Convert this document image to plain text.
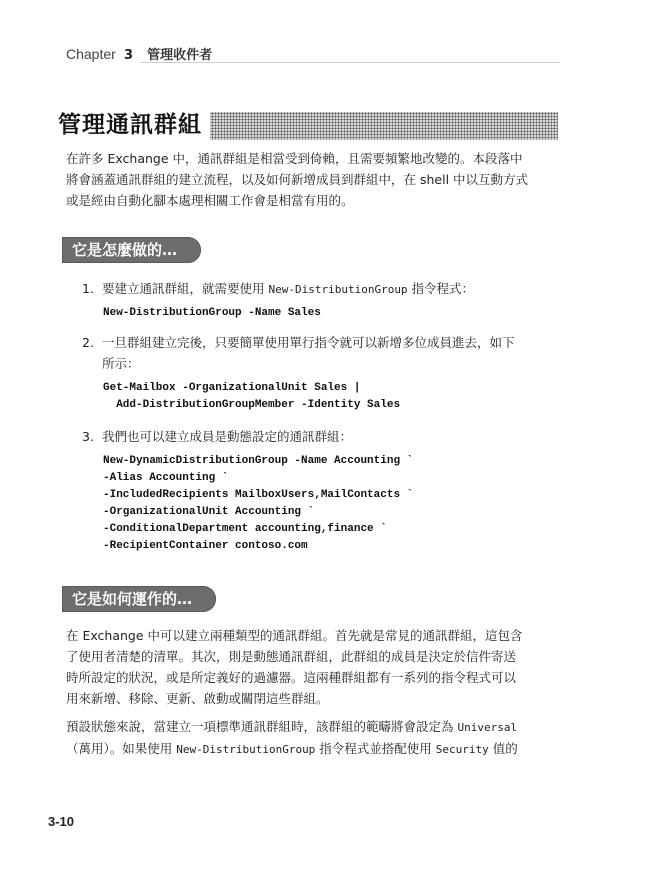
Chapter 3 管理收件者
管理通訊群組
在許多 Exchange 中，通訊群組是相當受到倚賴，且需要頻繁地改變的。本段落中
將會涵蓋通訊群組的建立流程，以及如何新增成員到群組中，在 shell 中以互動方式
或是經由自動化腳本處理相關工作會是相當有用的。
它是怎麼做的…
1. 要建立通訊群組，就需要使用 New-DistributionGroup 指令程式：
New-DistributionGroup -Name Sales
2. 一旦群組建立完後，只要簡單使用單行指令就可以新增多位成員進去，如下
所示：
Get-Mailbox -OrganizationalUnit Sales |
Add-DistributionGroupMember -Identity Sales
3. 我們也可以建立成員是動態設定的通訊群組：
New-DynamicDistributionGroup -Name Accounting `
-Alias Accounting `
-IncludedRecipients MailboxUsers,MailContacts `
-OrganizationalUnit Accounting `
-ConditionalDepartment accounting,finance `
-RecipientContainer contoso.com
它是如何運作的…
在 Exchange 中可以建立兩種類型的通訊群組。首先就是常見的通訊群組，這包含
了使用者清楚的清單。其次，則是動態通訊群組，此群組的成員是決定於信件寄送
時所設定的狀況，或是所定義好的過濾器。這兩種群組都有一系列的指令程式可以
用來新增、移除、更新、啟動或關閉這些群組。
預設狀態來說，當建立一項標準通訊群組時，該群組的範疇將會設定為 Universal
（萬用）。如果使用 New-DistributionGroup 指令程式並搭配使用 Security 值的
3-10
